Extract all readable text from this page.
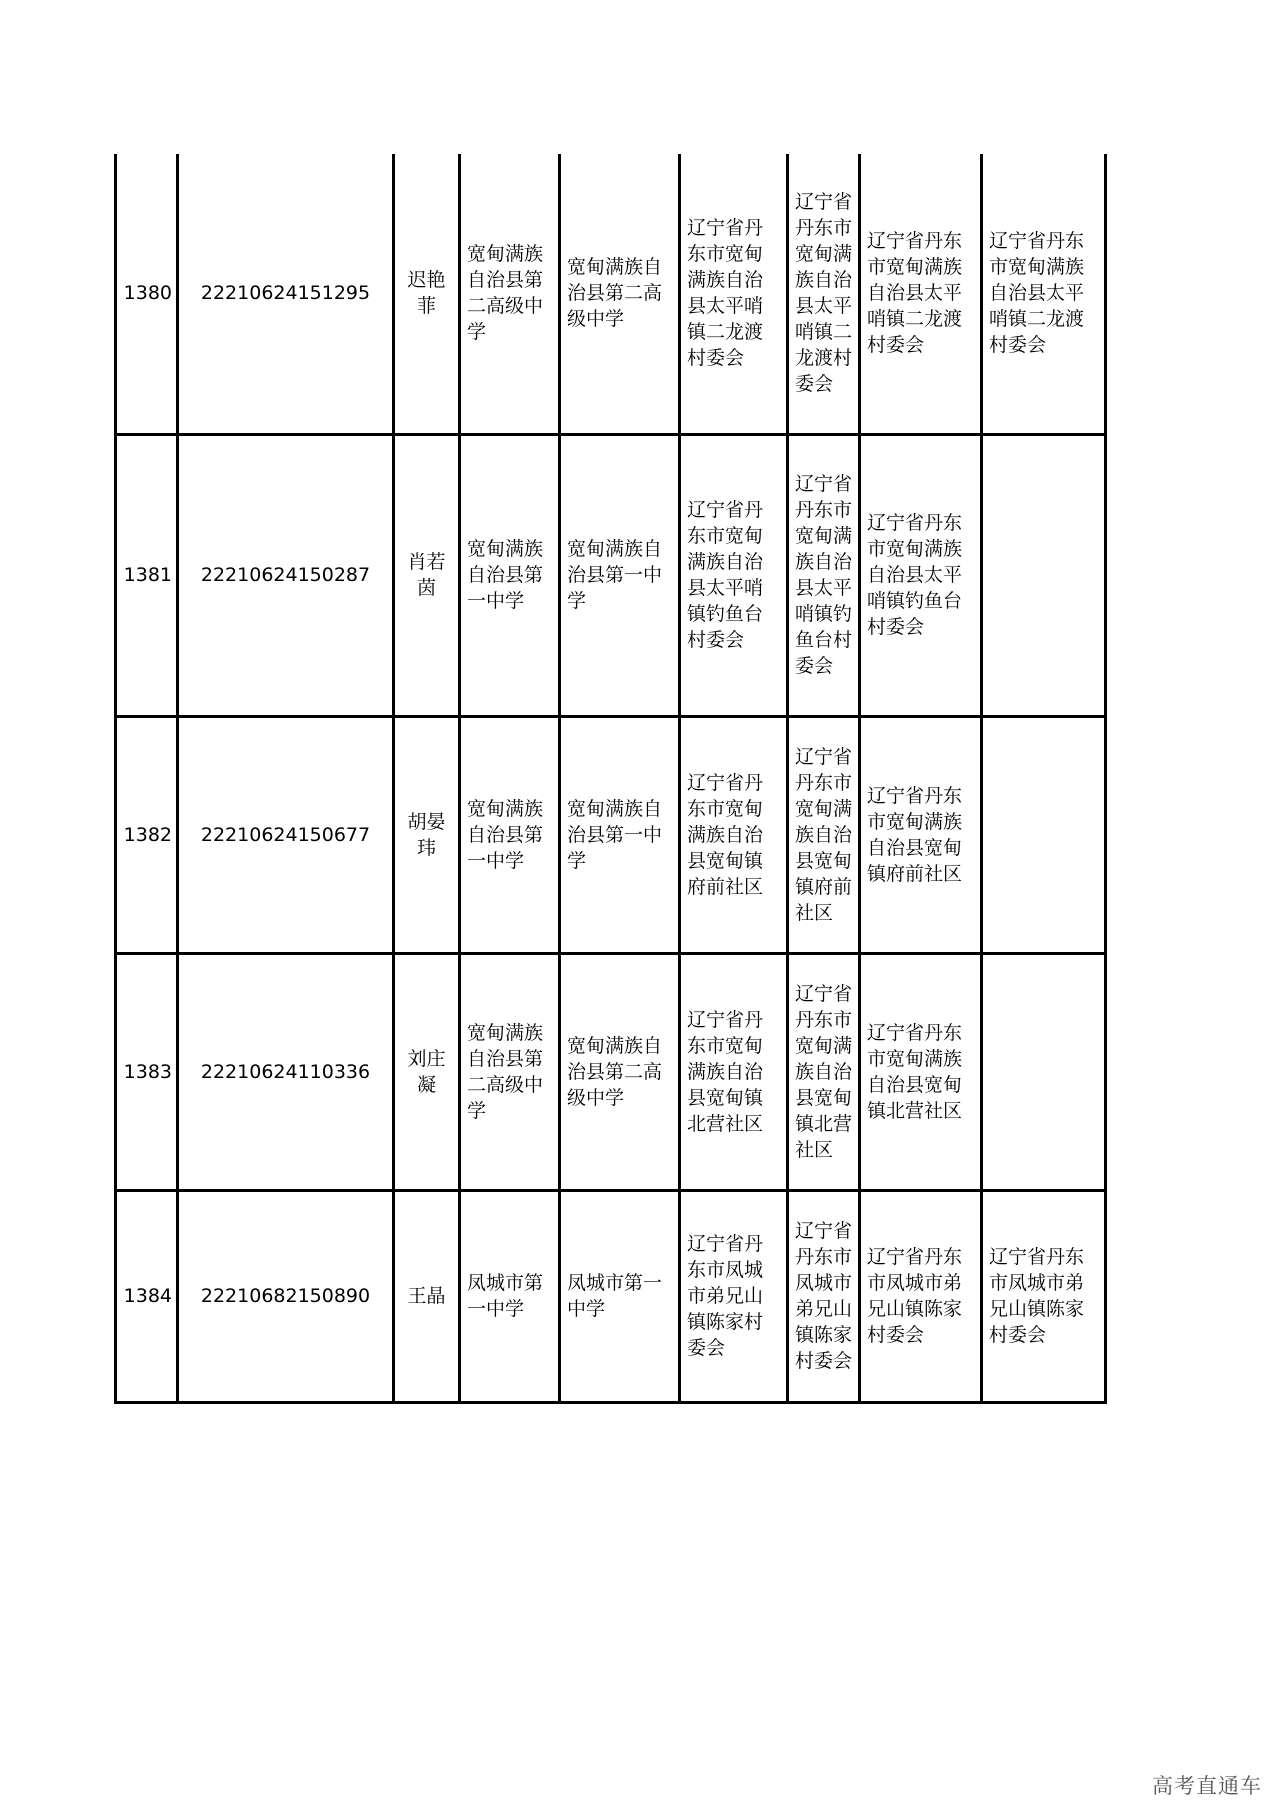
1380	22210624151295	迟艳菲	宽甸满族自治县第二高级中学	宽甸满族自治县第二高级中学	辽宁省丹东市宽甸满族自治县太平哨镇二龙渡村委会	辽宁省丹东市宽甸满族自治县太平哨镇二龙渡村委会	辽宁省丹东市宽甸满族自治县太平哨镇二龙渡村委会	辽宁省丹东市宽甸满族自治县太平哨镇二龙渡村委会
1381	22210624150287	肖若茵	宽甸满族自治县第一中学	宽甸满族自治县第一中学	辽宁省丹东市宽甸满族自治县太平哨镇钓鱼台村委会	辽宁省丹东市宽甸满族自治县太平哨镇钓鱼台村委会	辽宁省丹东市宽甸满族自治县太平哨镇钓鱼台村委会	
1382	22210624150677	胡晏玮	宽甸满族自治县第一中学	宽甸满族自治县第一中学	辽宁省丹东市宽甸满族自治县宽甸镇府前社区	辽宁省丹东市宽甸满族自治县宽甸镇府前社区	辽宁省丹东市宽甸满族自治县宽甸镇府前社区	
1383	22210624110336	刘庄凝	宽甸满族自治县第二高级中学	宽甸满族自治县第二高级中学	辽宁省丹东市宽甸满族自治县宽甸镇北营社区	辽宁省丹东市宽甸满族自治县宽甸镇北营社区	辽宁省丹东市宽甸满族自治县宽甸镇北营社区	
1384	22210682150890	王晶	凤城市第一中学	凤城市第一中学	辽宁省丹东市凤城市弟兄山镇陈家村委会	辽宁省丹东市凤城市弟兄山镇陈家村委会	辽宁省丹东市凤城市弟兄山镇陈家村委会	辽宁省丹东市凤城市弟兄山镇陈家村委会
高考直通车
